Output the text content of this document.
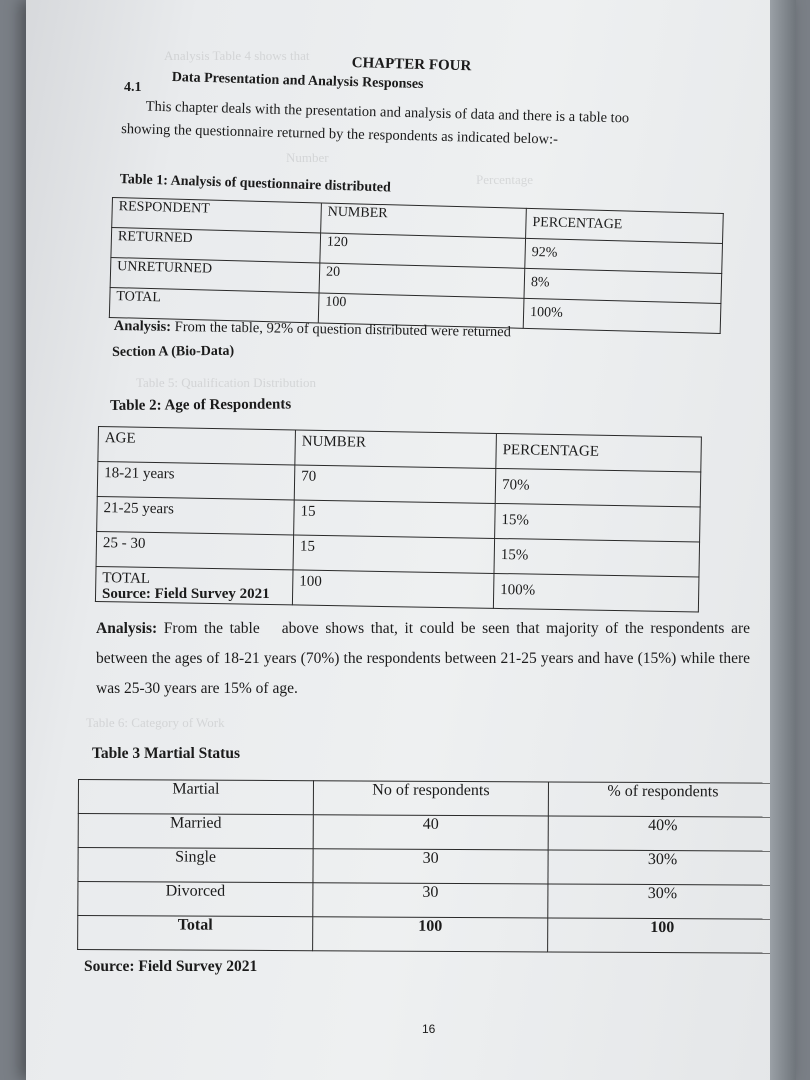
Analysis Table 4 shows that
Number
Percentage
Table 5: Qualification Distribution
Table 6: Category of Work
CHAPTER FOUR
4.1 Data Presentation and Analysis Responses
This chapter deals with the presentation and analysis of data and there is a table too
showing the questionnaire returned by the respondents as indicated below:-
Table 1: Analysis of questionnaire distributed
RESPONDENT	NUMBER	PERCENTAGE
RETURNED	120	92%
UNRETURNED	20	8%
TOTAL	100	100%
Analysis: From the table, 92% of question distributed were returned
Section A (Bio-Data)
Table 2: Age of Respondents
AGE	NUMBER	PERCENTAGE
18-21 years	70	70%
21-25 years	15	15%
25 - 30	15	15%
TOTAL	100	100%
Source: Field Survey 2021
Analysis: From the table above shows that, it could be seen that majority of the respondents are between the ages of 18-21 years (70%) the respondents between 21-25 years and have (15%) while there was 25-30 years are 15% of age.
Table 3 Martial Status
Martial	No of respondents	% of respondents
Married	40	40%
Single	30	30%
Divorced	30	30%
Total	100	100
Source: Field Survey 2021
16
